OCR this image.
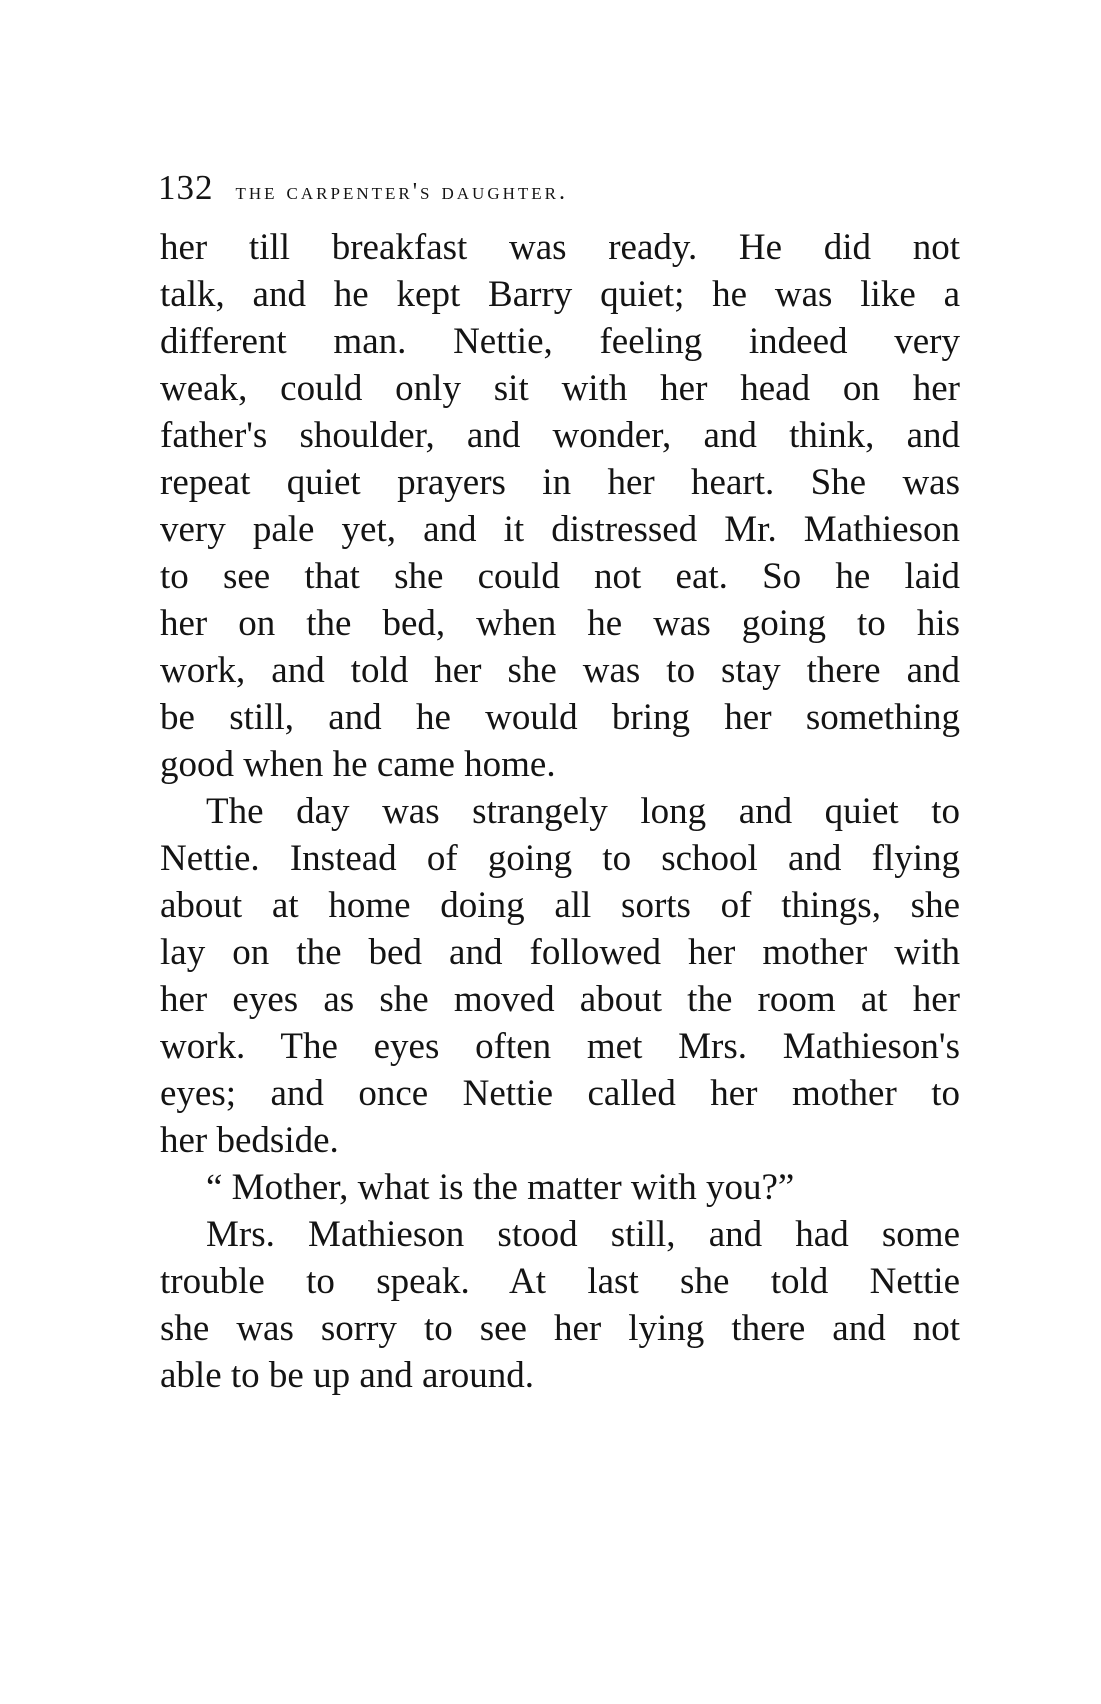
132 the carpenter's daughter.
her till breakfast was ready. He did not
talk, and he kept Barry quiet; he was like a
different man. Nettie, feeling indeed very
weak, could only sit with her head on her
father's shoulder, and wonder, and think, and
repeat quiet prayers in her heart. She was
very pale yet, and it distressed Mr. Mathieson
to see that she could not eat. So he laid
her on the bed, when he was going to his
work, and told her she was to stay there and
be still, and he would bring her something
good when he came home.
The day was strangely long and quiet to
Nettie. Instead of going to school and flying
about at home doing all sorts of things, she
lay on the bed and followed her mother with
her eyes as she moved about the room at her
work. The eyes often met Mrs. Mathieson's
eyes; and once Nettie called her mother to
her bedside.
“ Mother, what is the matter with you?”
Mrs. Mathieson stood still, and had some
trouble to speak. At last she told Nettie
she was sorry to see her lying there and not
able to be up and around.
